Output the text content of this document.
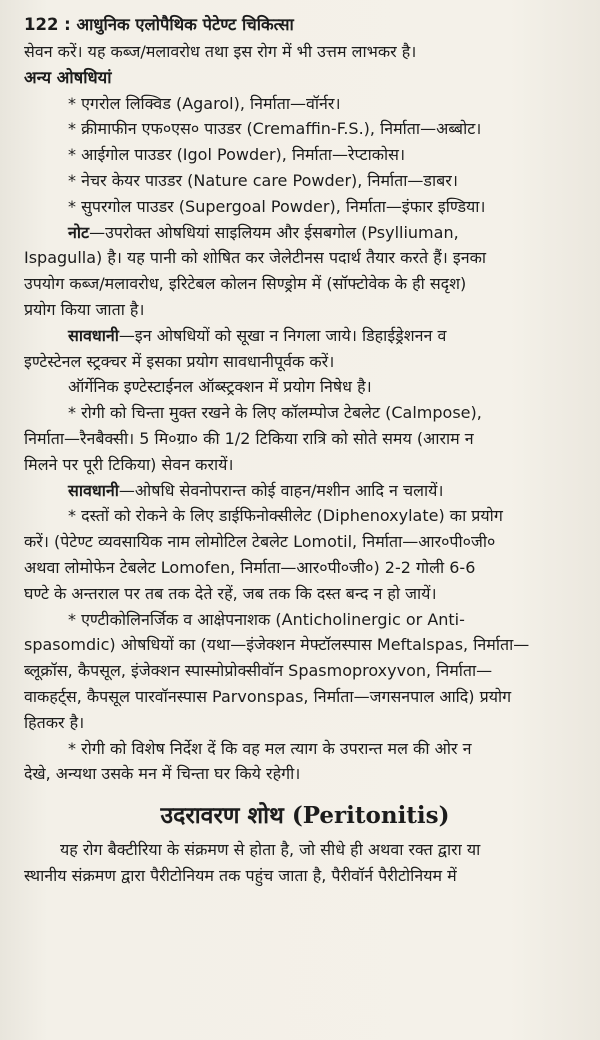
122 : आधुनिक एलोपैथिक पेटेण्ट चिकित्सा
सेवन करें। यह कब्ज/मलावरोध तथा इस रोग में भी उत्तम लाभकर है।
अन्य ओषधियां
* एगरोल लिक्विड (Agarol), निर्माता—वॉर्नर।
* क्रीमाफीन एफ०एस० पाउडर (Cremaffin-F.S.), निर्माता—अब्बोट।
* आईगोल पाउडर (Igol Powder), निर्माता—रेप्टाकोस।
* नेचर केयर पाउडर (Nature care Powder), निर्माता—डाबर।
* सुपरगोल पाउडर (Supergoal Powder), निर्माता—इंफार इण्डिया।
नोट—उपरोक्त ओषधियां साइलियम और ईसबगोल (Psylliuman,
Ispagulla) है। यह पानी को शोषित कर जेलेटीनस पदार्थ तैयार करते हैं। इनका
उपयोग कब्ज/मलावरोध, इरिटेबल कोलन सिण्ड्रोम में (सॉफ्टोवेक के ही सदृश)
प्रयोग किया जाता है।
सावधानी—इन ओषधियों को सूखा न निगला जाये। डिहाईड्रेशनन व
इण्टेस्टेनल स्ट्रक्चर में इसका प्रयोग सावधानीपूर्वक करें।
ऑर्गेनिक इण्टेस्टाईनल ऑब्स्ट्रक्शन में प्रयोग निषेध है।
* रोगी को चिन्ता मुक्त रखने के लिए कॉलम्पोज टेबलेट (Calmpose),
निर्माता—रैनबैक्सी। 5 मि०ग्रा० की 1/2 टिकिया रात्रि को सोते समय (आराम न
मिलने पर पूरी टिकिया) सेवन करायें।
सावधानी—ओषधि सेवनोपरान्त कोई वाहन/मशीन आदि न चलायें।
* दस्तों को रोकने के लिए डाईफिनोक्सीलेट (Diphenoxylate) का प्रयोग
करें। (पेटेण्ट व्यवसायिक नाम लोमोटिल टेबलेट Lomotil, निर्माता—आर०पी०जी०
अथवा लोमोफेन टेबलेट Lomofen, निर्माता—आर०पी०जी०) 2-2 गोली 6-6
घण्टे के अन्तराल पर तब तक देते रहें, जब तक कि दस्त बन्द न हो जायें।
* एण्टीकोलिनर्जिक व आक्षेपनाशक (Anticholinergic or Anti-
spasomdic) ओषधियों का (यथा—इंजेक्शन मेफ्टॉलस्पास Meftalspas, निर्माता—
ब्लूक्रॉस, कैपसूल, इंजेक्शन स्पास्मोप्रोक्सीवॉन Spasmoproxyvon, निर्माता—
वाकहर्ट्स, कैपसूल पारवॉनस्पास Parvonspas, निर्माता—जगसनपाल आदि) प्रयोग
हितकर है।
* रोगी को विशेष निर्देश दें कि वह मल त्याग के उपरान्त मल की ओर न
देखे, अन्यथा उसके मन में चिन्ता घर किये रहेगी।
उदरावरण शोथ (Peritonitis)
यह रोग बैक्टीरिया के संक्रमण से होता है, जो सीधे ही अथवा रक्त द्वारा या
स्थानीय संक्रमण द्वारा पैरीटोनियम तक पहुंच जाता है, पैरीवॉर्न पैरीटोनियम में
